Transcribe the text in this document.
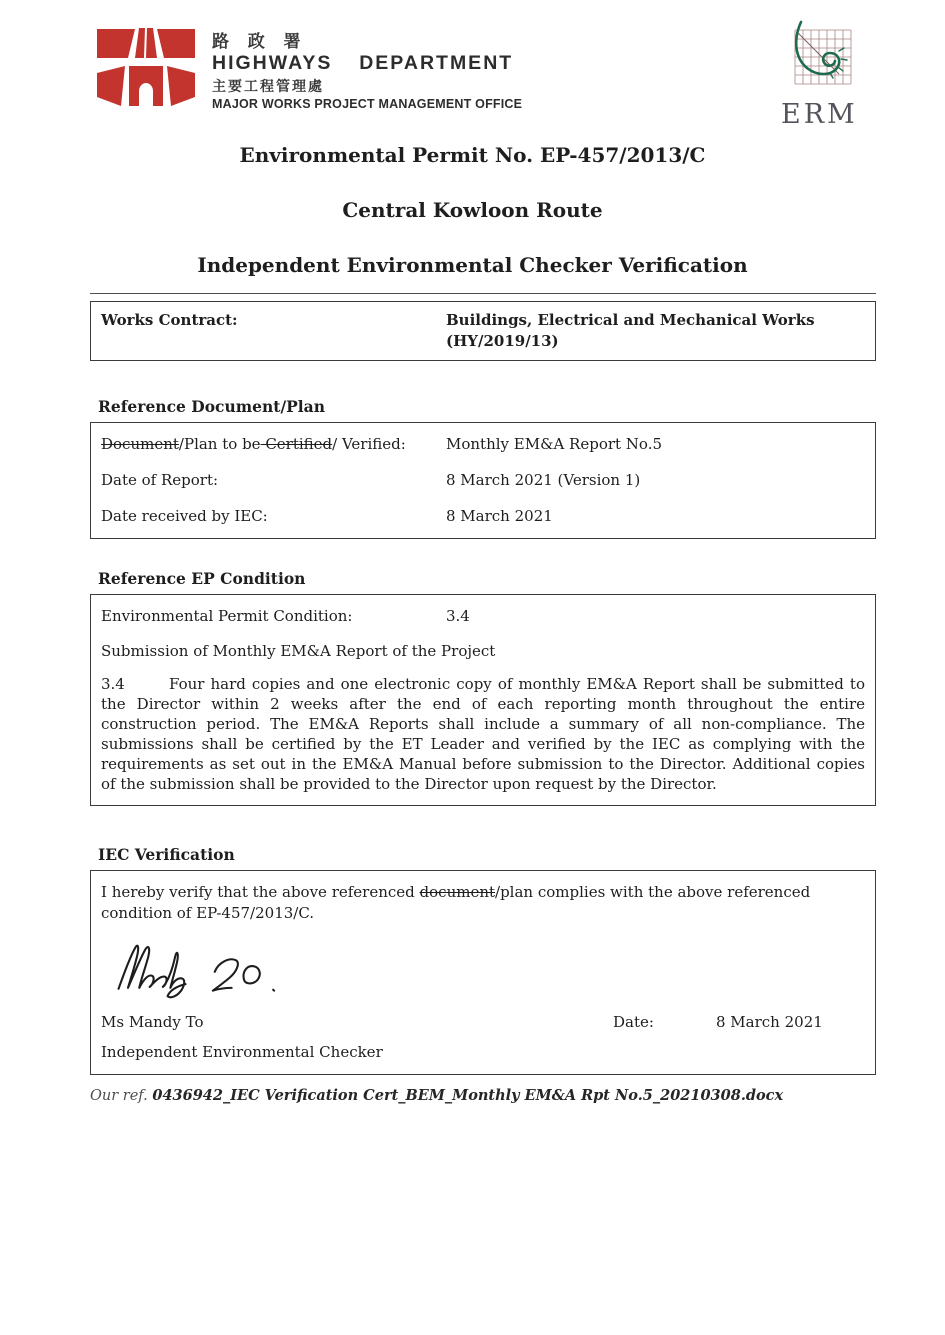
路 政 署
HIGHWAYS  DEPARTMENT
主要工程管理處
MAJOR WORKS PROJECT MANAGEMENT OFFICE	ERM
Environmental Permit No. EP-457/2013/C
Central Kowloon Route
Independent Environmental Checker Verification
Works Contract:	Buildings, Electrical and Mechanical Works  (HY/2019/13)
Reference Document/Plan
Document/Plan to be Certified/ Verified:	Monthly EM&A Report No.5
Date of Report:	8 March 2021 (Version 1)
Date received by IEC:	8 March 2021
Reference EP Condition
Environmental Permit Condition:	3.4
Submission of Monthly EM&A Report of the Project
3.4	Four hard copies and one electronic copy of monthly EM&A Report shall be submitted to the Director within 2 weeks after the end of each reporting month throughout the entire construction period. The EM&A Reports shall include a summary of all non-compliance. The submissions shall be certified by the ET Leader and verified by the IEC as complying with the requirements as set out in the EM&A Manual before submission to the Director. Additional copies of the submission shall be provided to the Director upon request by the Director.
IEC Verification
I hereby verify that the above referenced document/plan complies with the above referenced condition of EP-457/2013/C.
Ms Mandy To	Date:	8 March 2021
Independent Environmental Checker
Our ref. 0436942_IEC Verification Cert_BEM_Monthly EM&A Rpt No.5_20210308.docx
